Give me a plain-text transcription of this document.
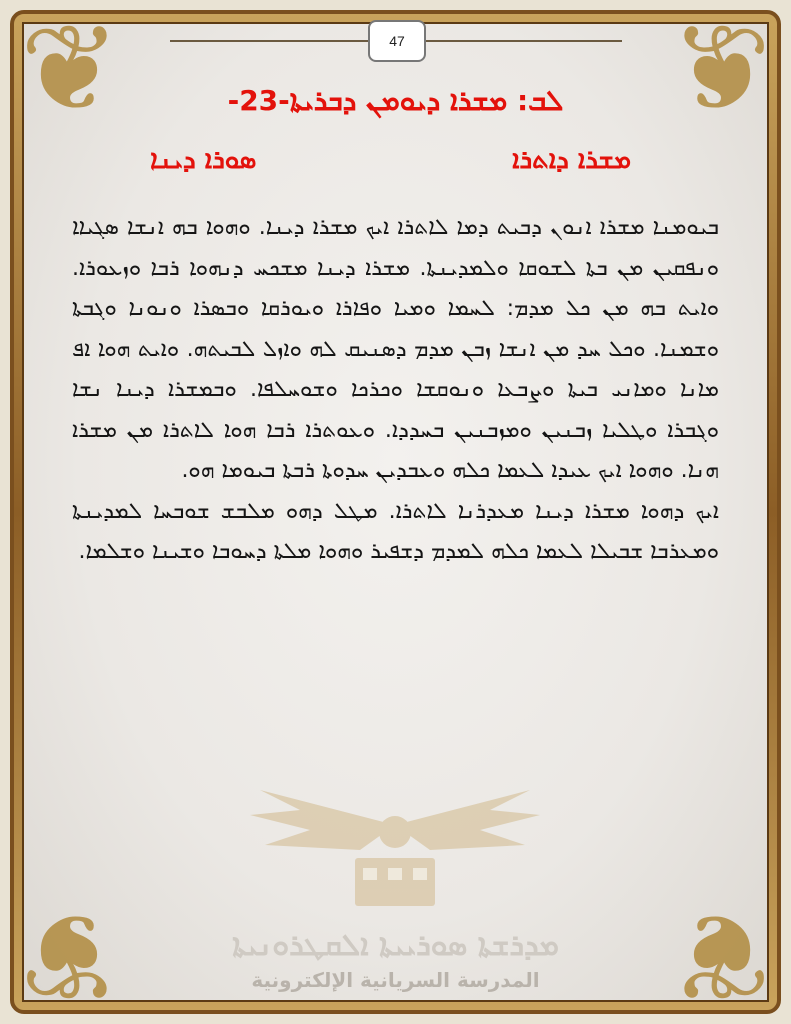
❦	❦
❦	❦
47
ܠܒ: ܡܫܪܐ ܕܝܘܡܢ ܕܒܪܝܬܐ-23-
ܡܫܪܐ ܕܐܬܪܐ
ܣܘܪܐ ܕܝܢܐ

ܒܝܘܡܢܐ ܡܫܪܐ ܐܢܘܢ ܕܒܝܬ ܕܡܐ ܠܐܬܪܐ ܐܝܟ ܡܫܪܐ ܕܝܢܐ. ܘܗܘܐ ܒܗ ܐܢܫܐ ܣܓܝܐܐ ܘܢܦܩܝܢ ܡܢ ܒܬܐ ܠܫܘܩܐ ܘܠܡܕܝܢܬܐ. ܡܫܪܐ ܕܝܢܐ ܡܫܟܚ ܕܢܗܘܐ ܪܒܐ ܘܙܥܘܪܐ. ܘܐܝܬ ܒܗ ܡܢ ܟܠ ܡܕܡ: ܠܚܡܐ ܘܡܝܐ ܘܦܐܪܐ ܘܝܘܪܩܐ ܘܒܣܪܐ ܘܢܘܢܐ ܘܓܒܬܐ ܘܫܡܢܐ. ܘܟܠ ܚܕ ܡܢ ܐܢܫܐ ܙܒܢ ܡܕܡ ܕܣܢܝܩ ܠܗ ܘܐܙܠ ܠܒܝܬܗ. ܘܐܝܬ ܗܘܐ ܐܦ ܡܐܢܐ ܘܡܐܢܝ ܒܝܬܐ ܘܨܒܥܐ ܘܢܘܩܫܐ ܘܟܪܟܐ ܘܫܘܚܠܦܐ. ܘܒܡܫܪܐ ܕܝܢܐ ܢܫܐ ܘܓܒܪܐ ܘܛܠܝܐ ܙܒܢܝܢ ܘܡܙܒܢܝܢ ܒܚܕܕܐ. ܘܥܘܬܪܐ ܪܒܐ ܗܘܐ ܠܐܬܪܐ ܡܢ ܡܫܪܐ ܗܢܐ. ܘܗܘܐ ܐܝܟ ܥܝܕܐ ܠܥܡܐ ܟܠܗ ܘܥܒܕܝܢ ܚܕܘܬܐ ܪܒܬܐ ܒܝܘܡܐ ܗܘ.

ܐܝܟ ܕܗܘܐ ܡܫܪܐ ܕܝܢܐ ܡܥܕܪܢܐ ܠܐܬܪܐ. ܡܛܠ ܕܗܘ ܡܠܒܫ ܫܘܒܚܐ ܠܡܕܝܢܬܐ ܘܡܥܪܒܐ ܫܒܝܠܐ ܠܥܡܐ ܟܠܗ ܠܡܕܡ ܕܫܦܝܪ ܘܗܘܐ ܡܠܬܐ ܕܚܘܒܐ ܘܫܝܢܐ ܘܫܠܡܐ.

ܡܕܪܫܬܐ ܣܘܪܝܝܬܐ ܐܠܩܛܪܘܢܝܬܐ
المدرسة السريانية الإلكترونية
